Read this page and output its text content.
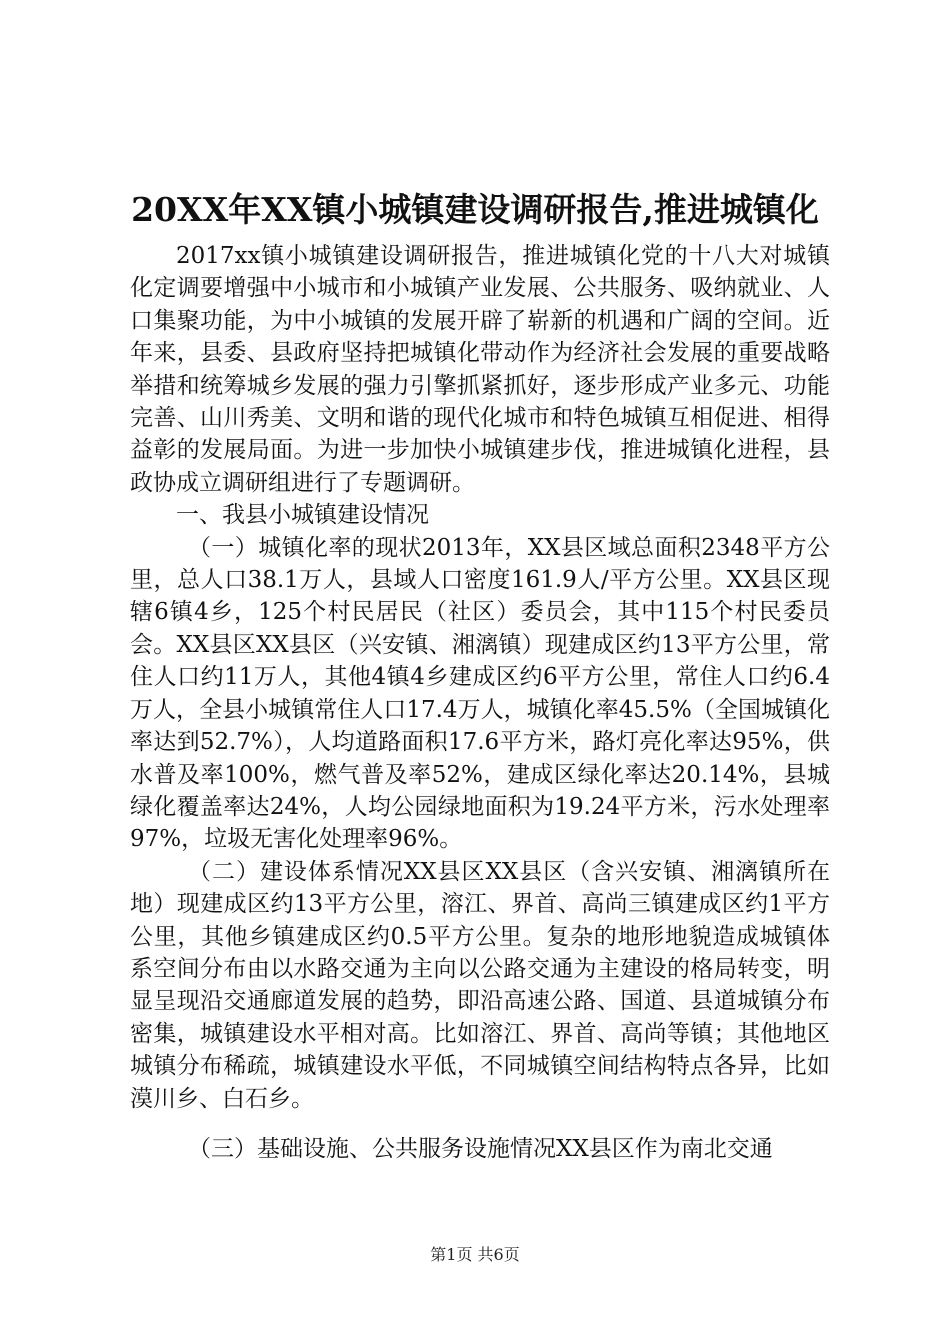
20XX年XX镇小城镇建设调研报告,推进城镇化

2017xx镇小城镇建设调研报告，推进城镇化党的十八大对城镇化定调要增强中小城市和小城镇产业发展、公共服务、吸纳就业、人口集聚功能，为中小城镇的发展开辟了崭新的机遇和广阔的空间。近年来，县委、县政府坚持把城镇化带动作为经济社会发展的重要战略举措和统筹城乡发展的强力引擎抓紧抓好，逐步形成产业多元、功能完善、山川秀美、文明和谐的现代化城市和特色城镇互相促进、相得益彰的发展局面。为进一步加快小城镇建步伐，推进城镇化进程，县政协成立调研组进行了专题调研。

一、我县小城镇建设情况

（一）城镇化率的现状2013年，XX县区域总面积2348平方公里，总人口38.1万人，县域人口密度161.9人/平方公里。XX县区现辖6镇4乡，125个村民居民（社区）委员会，其中115个村民委员会。XX县区XX县区（兴安镇、湘漓镇）现建成区约13平方公里，常住人口约11万人，其他4镇4乡建成区约6平方公里，常住人口约6.4万人，全县小城镇常住人口17.4万人，城镇化率45.5%（全国城镇化率达到52.7%），人均道路面积17.6平方米，路灯亮化率达95%，供水普及率100%，燃气普及率52%，建成区绿化率达20.14%，县城绿化覆盖率达24%，人均公园绿地面积为19.24平方米，污水处理率97%，垃圾无害化处理率96%。

（二）建设体系情况XX县区XX县区（含兴安镇、湘漓镇所在地）现建成区约13平方公里，溶江、界首、高尚三镇建成区约1平方公里，其他乡镇建成区约0.5平方公里。复杂的地形地貌造成城镇体系空间分布由以水路交通为主向以公路交通为主建设的格局转变，明显呈现沿交通廊道发展的趋势，即沿高速公路、国道、县道城镇分布密集，城镇建设水平相对高。比如溶江、界首、高尚等镇；其他地区城镇分布稀疏，城镇建设水平低，不同城镇空间结构特点各异，比如漠川乡、白石乡。

（三）基础设施、公共服务设施情况XX县区作为南北交通

第1页 共6页
